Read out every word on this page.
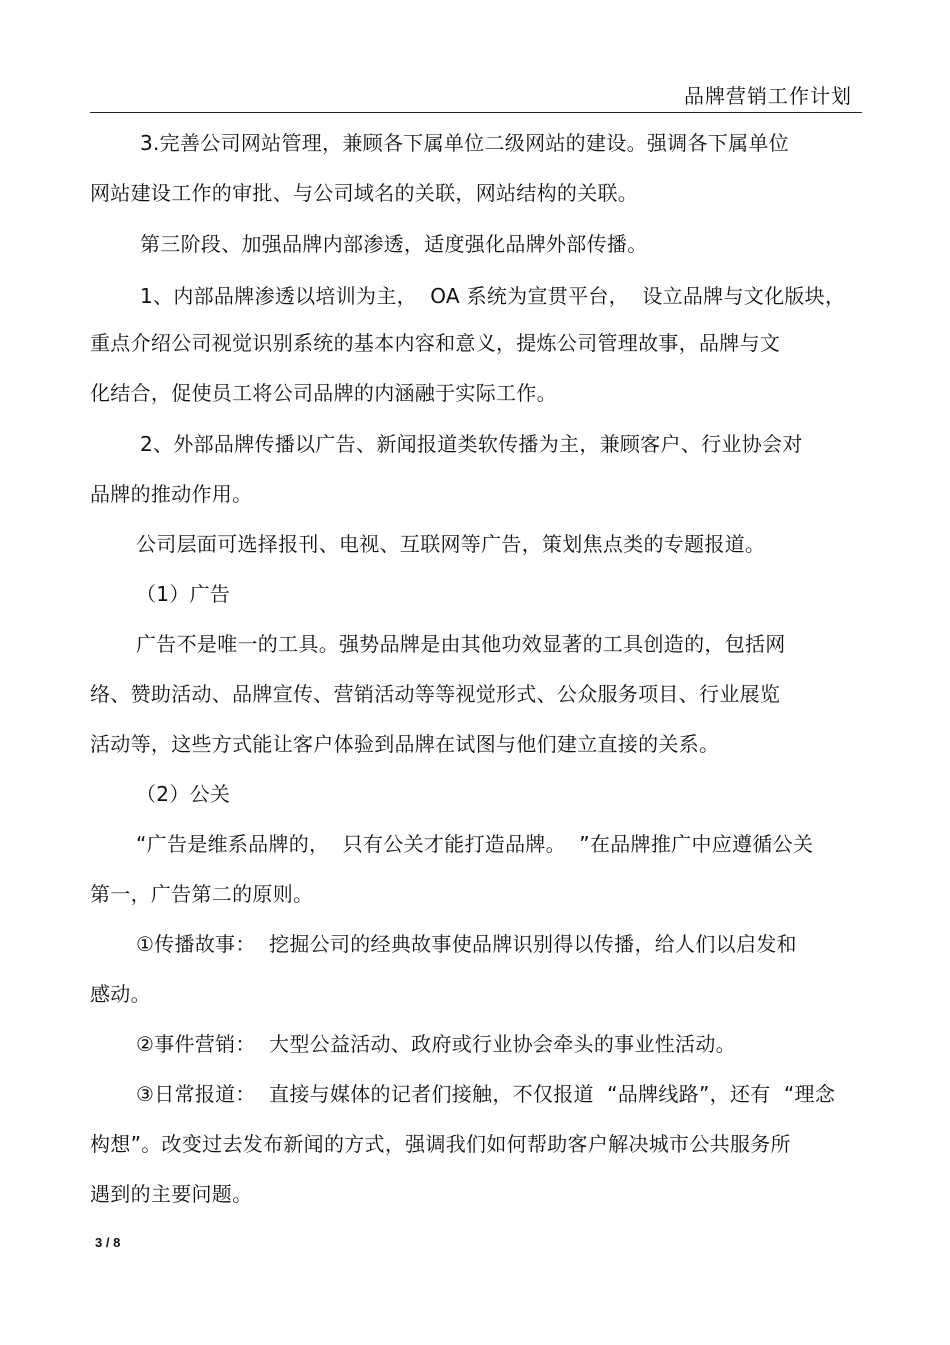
品牌营销工作计划
3.完善公司网站管理，兼顾各下属单位二级网站的建设。强调各下属单位
网站建设工作的审批、与公司域名的关联，网站结构的关联。
第三阶段、加强品牌内部渗透，适度强化品牌外部传播。
1、内部品牌渗透以培训为主，  OA 系统为宣贯平台，  设立品牌与文化版块，
重点介绍公司视觉识别系统的基本内容和意义，提炼公司管理故事，品牌与文
化结合，促使员工将公司品牌的内涵融于实际工作。
2、外部品牌传播以广告、新闻报道类软传播为主，兼顾客户、行业协会对
品牌的推动作用。
公司层面可选择报刊、电视、互联网等广告，策划焦点类的专题报道。
（1）广告
广告不是唯一的工具。强势品牌是由其他功效显著的工具创造的，包括网
络、赞助活动、品牌宣传、营销活动等等视觉形式、公众服务项目、行业展览
活动等，这些方式能让客户体验到品牌在试图与他们建立直接的关系。
（2）公关
“广告是维系品牌的，  只有公关才能打造品牌。  ”在品牌推广中应遵循公关
第一，广告第二的原则。
①传播故事：  挖掘公司的经典故事使品牌识别得以传播，给人们以启发和
感动。
②事件营销：  大型公益活动、政府或行业协会牵头的事业性活动。
③日常报道：  直接与媒体的记者们接触，不仅报道  “品牌线路”，还有  “理念
构想”。改变过去发布新闻的方式，强调我们如何帮助客户解决城市公共服务所
遇到的主要问题。
3 / 8
